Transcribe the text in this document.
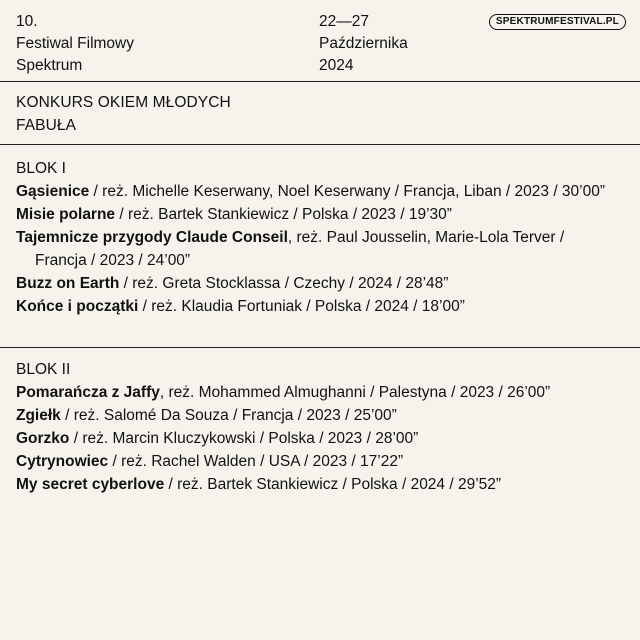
10.
Festiwal Filmowy
Spektrum
22—27
Października
2024
SPEKTRUMFESTIVAL.PL
KONKURS OKIEM MŁODYCH
FABUŁA
BLOK I
Gąsienice / reż. Michelle Keserwany, Noel Keserwany / Francja, Liban / 2023 / 30’00”
Misie polarne / reż. Bartek Stankiewicz / Polska / 2023 / 19’30”
Tajemnicze przygody Claude Conseil, reż. Paul Jousselin, Marie-Lola Terver / Francja / 2023 / 24’00”
Buzz on Earth / reż. Greta Stocklassa / Czechy / 2024 / 28’48”
Końce i początki / reż. Klaudia Fortuniak / Polska / 2024 / 18’00”
BLOK II
Pomarańcza z Jaffy, reż. Mohammed Almughanni / Palestyna / 2023 / 26’00”
Zgiełk / reż. Salomé Da Souza / Francja / 2023 / 25’00”
Gorzko / reż. Marcin Kluczykowski / Polska / 2023 / 28’00”
Cytrynowiec / reż. Rachel Walden / USA / 2023 / 17’22”
My secret cyberlove / reż. Bartek Stankiewicz / Polska / 2024 / 29’52”
